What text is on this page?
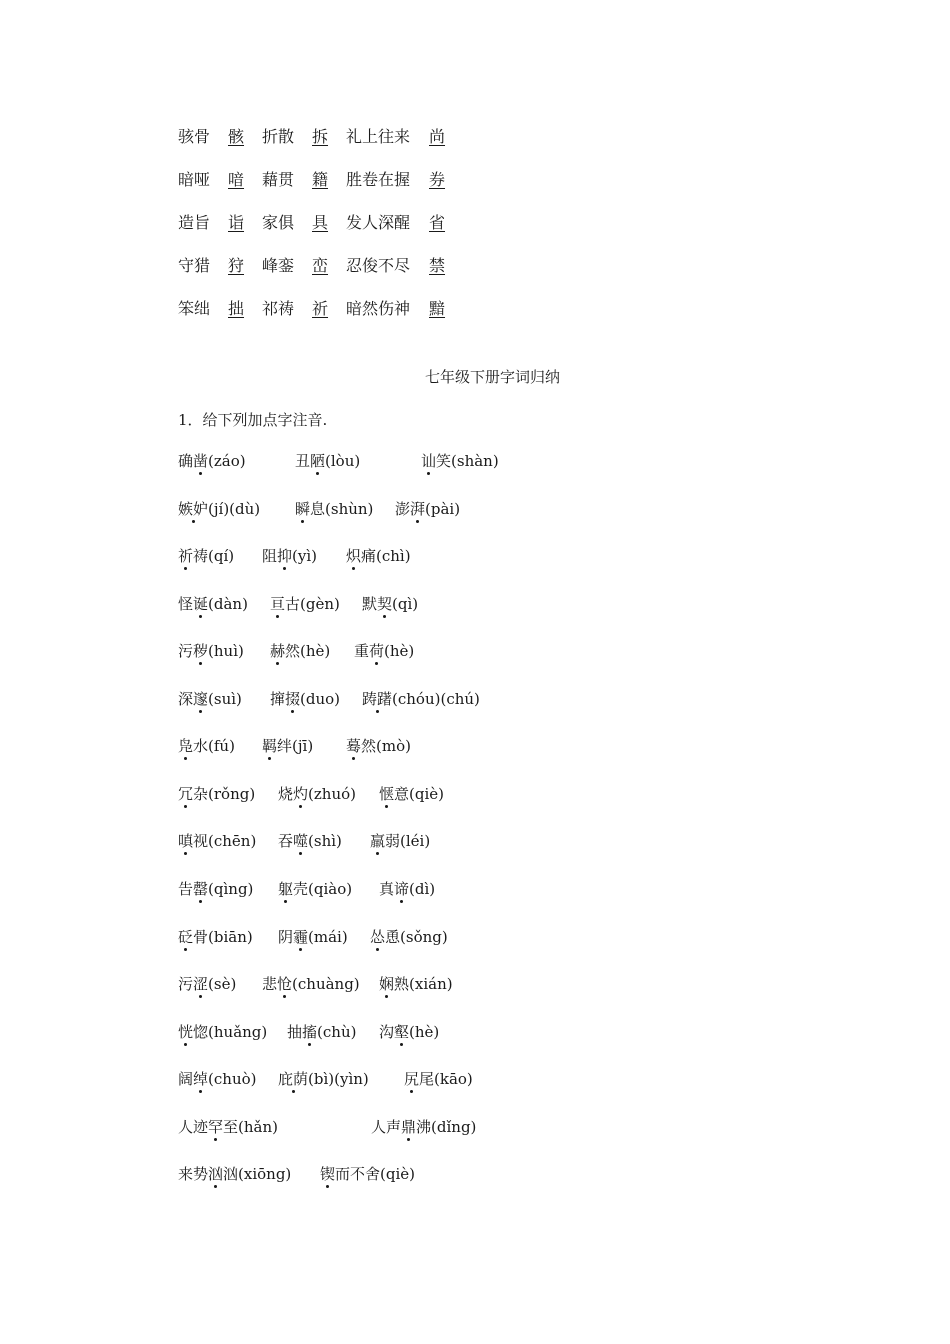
骇骨 骸 折散 拆 礼上往来 尚
暗哑 喑 藉贯 籍 胜卷在握 券
造旨 诣 家俱 具 发人深醒 省
守猎 狩 峰銮 峦 忍俊不尽 禁
笨绌 拙 祁祷 祈 暗然伤神 黯
七年级下册字词归纳
1．给下列加点字注音.
确凿(záo)	丑陋(lòu)	讪笑(shàn)
嫉妒(jí)(dù) 瞬息(shùn) 澎湃(pài)
祈祷(qí) 阻抑(yì) 炽痛(chì)
怪诞(dàn) 亘古(gèn) 默契(qì)
污秽(huì) 赫然(hè) 重荷(hè)
深邃(suì) 撺掇(duo) 踌躇(chóu)(chú)
凫水(fú) 羁绊(jī) 蓦然(mò)
冗杂(rǒng) 烧灼(zhuó) 惬意(qiè)
嗔视(chēn) 吞噬(shì) 羸弱(léi)
告罄(qìng) 躯壳(qiào) 真谛(dì)
砭骨(biān) 阴霾(mái) 怂恿(sǒng)
污涩(sè) 悲怆(chuàng) 娴熟(xián)
恍惚(huǎng) 抽搐(chù) 沟壑(hè)
阔绰(chuò) 庇荫(bì)(yìn) 尻尾(kāo)
人迹罕至(hǎn)	人声鼎沸(dǐng)
来势汹汹(xiōng) 锲而不舍(qiè)
